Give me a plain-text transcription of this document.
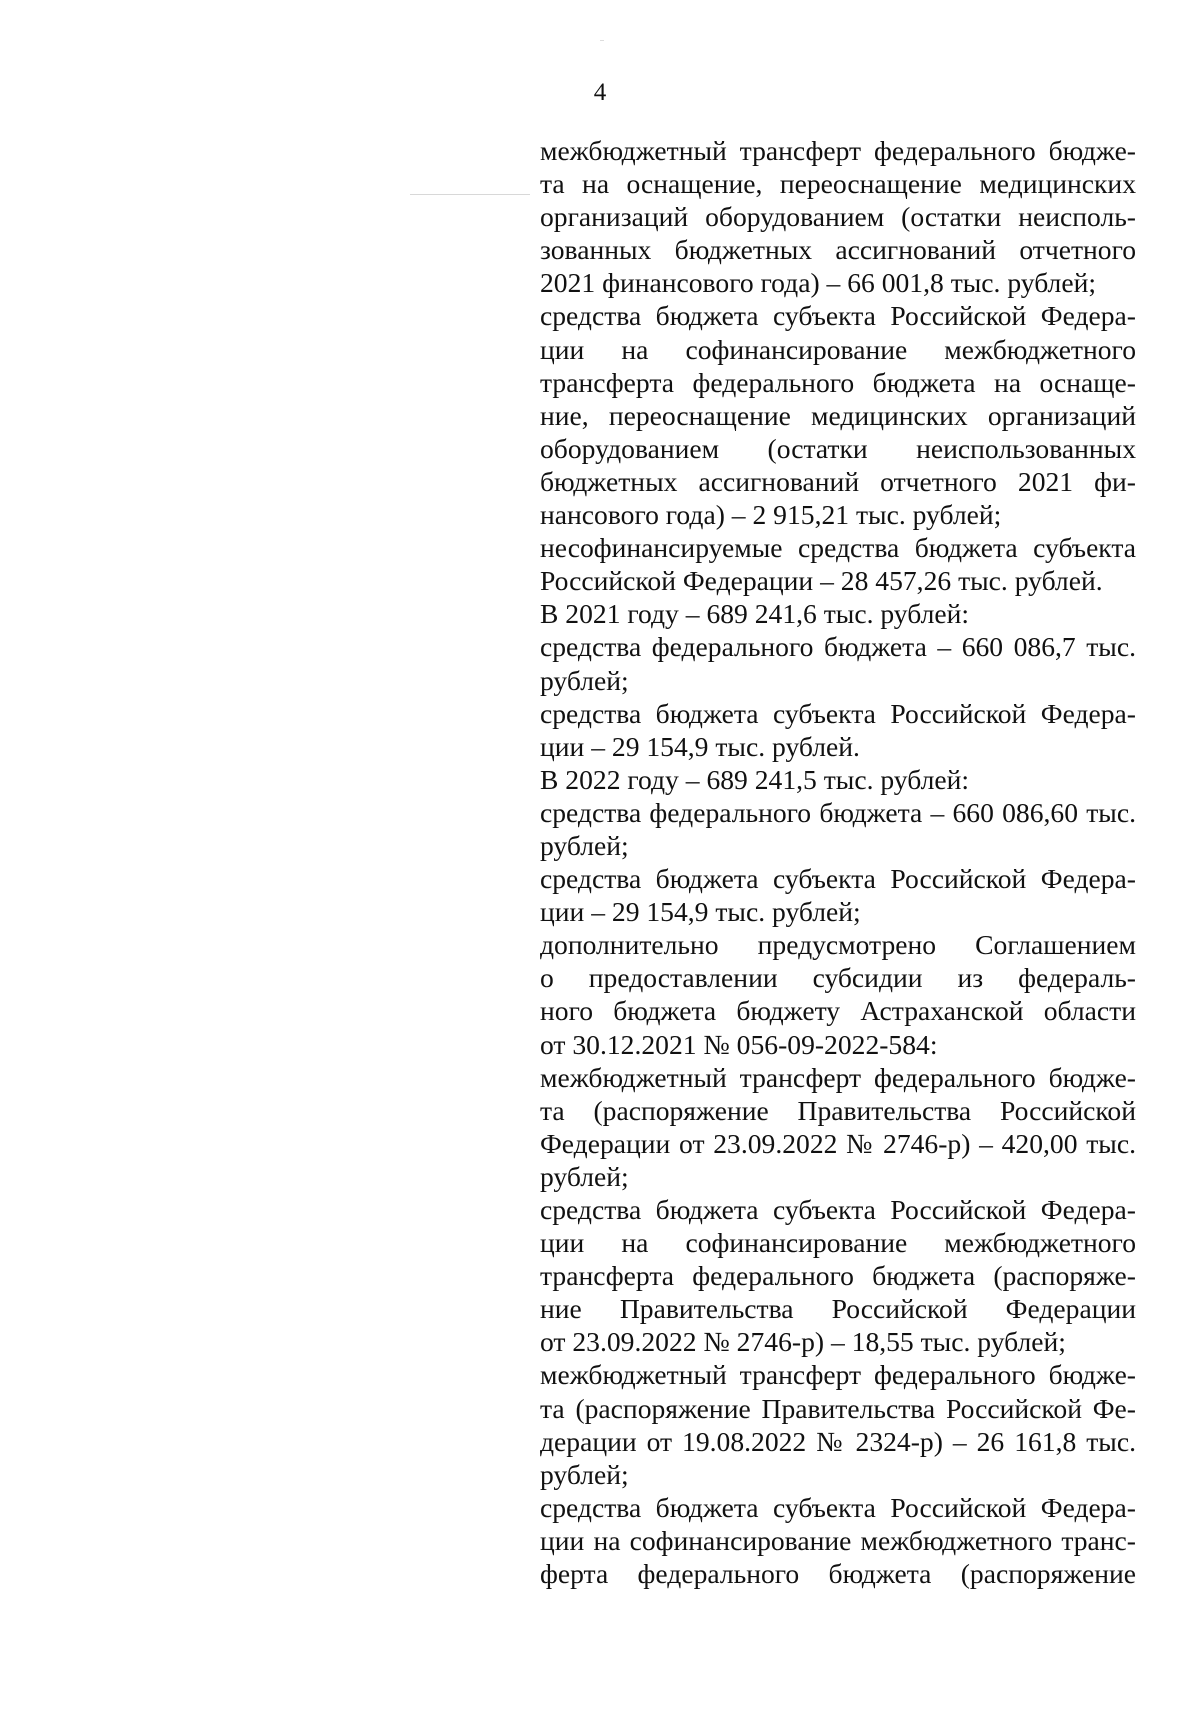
4
межбюджетный трансферт федерального бюдже-
та на оснащение, переоснащение медицинских
организаций оборудованием (остатки неисполь-
зованных бюджетных ассигнований отчетного
2021 финансового года) – 66 001,8 тыс. рублей;
средства бюджета субъекта Российской Федера-
ции на софинансирование межбюджетного
трансферта федерального бюджета на оснаще-
ние, переоснащение медицинских организаций
оборудованием (остатки неиспользованных
бюджетных ассигнований отчетного 2021 фи-
нансового года) – 2 915,21 тыс. рублей;
несофинансируемые средства бюджета субъекта
Российской Федерации – 28 457,26 тыс. рублей.
В 2021 году – 689 241,6 тыс. рублей:
средства федерального бюджета – 660 086,7 тыс.
рублей;
средства бюджета субъекта Российской Федера-
ции – 29 154,9 тыс. рублей.
В 2022 году – 689 241,5 тыс. рублей:
средства федерального бюджета – 660 086,60 тыс.
рублей;
средства бюджета субъекта Российской Федера-
ции – 29 154,9 тыс. рублей;
дополнительно предусмотрено Соглашением
о предоставлении субсидии из федераль-
ного бюджета бюджету Астраханской области
от 30.12.2021 № 056-09-2022-584:
межбюджетный трансферт федерального бюдже-
та (распоряжение Правительства Российской
Федерации от 23.09.2022 № 2746-р) – 420,00 тыс.
рублей;
средства бюджета субъекта Российской Федера-
ции на софинансирование межбюджетного
трансферта федерального бюджета (распоряже-
ние Правительства Российской Федерации
от 23.09.2022 № 2746-р) – 18,55 тыс. рублей;
межбюджетный трансферт федерального бюдже-
та (распоряжение Правительства Российской Фе-
дерации от 19.08.2022 № 2324-р) – 26 161,8 тыс.
рублей;
средства бюджета субъекта Российской Федера-
ции на софинансирование межбюджетного транс-
ферта федерального бюджета (распоряжение
